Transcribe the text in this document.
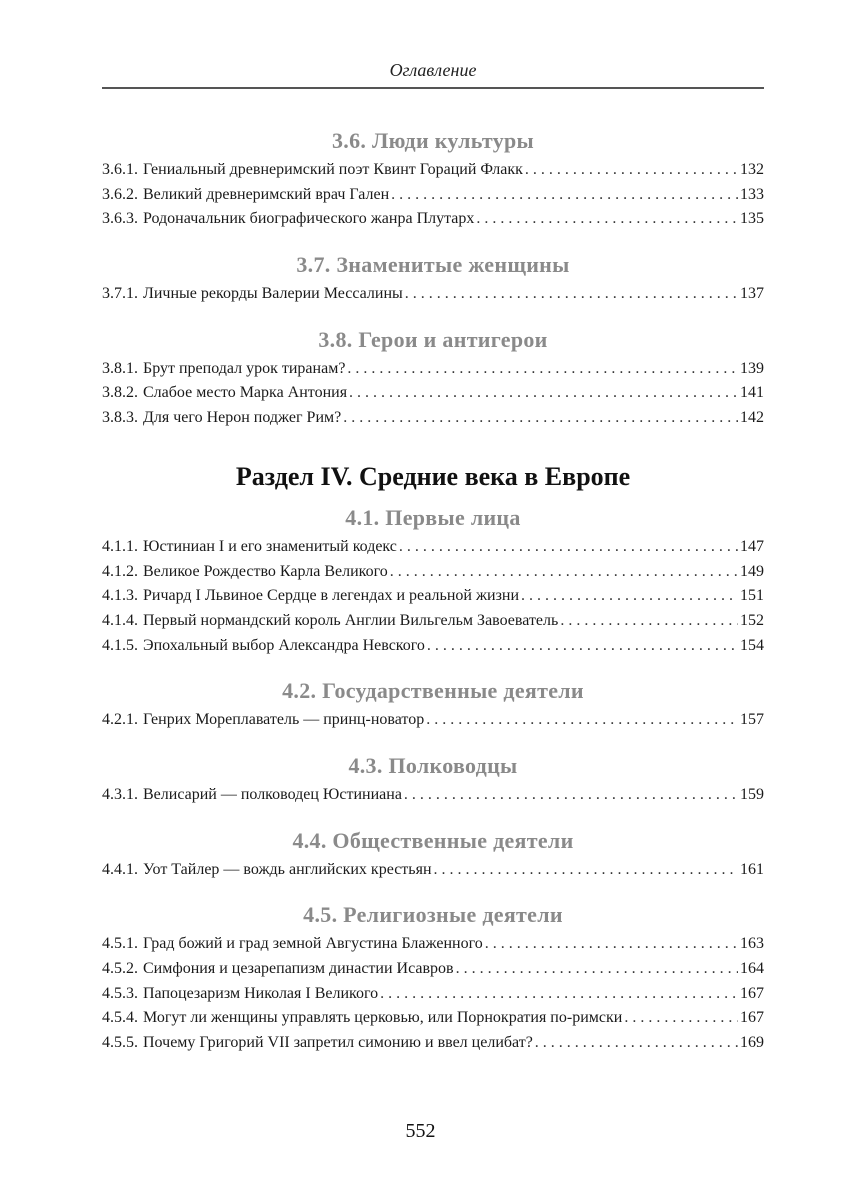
Оглавление
3.6. Люди культуры
3.6.1. Гениальный древнеримский поэт Квинт Гораций Флакк . . .	132
3.6.2. Великий древнеримский врач Гален . . .	133
3.6.3. Родоначальник биографического жанра Плутарх . . .	135
3.7. Знаменитые женщины
3.7.1. Личные рекорды Валерии Мессалины . . .	137
3.8. Герои и антигерои
3.8.1. Брут преподал урок тиранам? . . .	139
3.8.2. Слабое место Марка Антония . . .	141
3.8.3. Для чего Нерон поджег Рим? . . .	142
Раздел IV. Средние века в Европе
4.1. Первые лица
4.1.1. Юстиниан I и его знаменитый кодекс . . .	147
4.1.2. Великое Рождество Карла Великого . . .	149
4.1.3. Ричард I Львиное Сердце в легендах и реальной жизни . . .	151
4.1.4. Первый нормандский король Англии Вильгельм Завоеватель . . .	152
4.1.5. Эпохальный выбор Александра Невского . . .	154
4.2. Государственные деятели
4.2.1. Генрих Мореплаватель — принц-новатор . . .	157
4.3. Полководцы
4.3.1. Велисарий — полководец Юстиниана . . .	159
4.4. Общественные деятели
4.4.1. Уот Тайлер — вождь английских крестьян . . .	161
4.5. Религиозные деятели
4.5.1. Град божий и град земной Августина Блаженного . . .	163
4.5.2. Симфония и цезарепапизм династии Исавров . . .	164
4.5.3. Папоцезаризм Николая I Великого . . .	167
4.5.4. Могут ли женщины управлять церковью, или Порнократия по-римски . . .	167
4.5.5. Почему Григорий VII запретил симонию и ввел целибат? . . .	169
552
